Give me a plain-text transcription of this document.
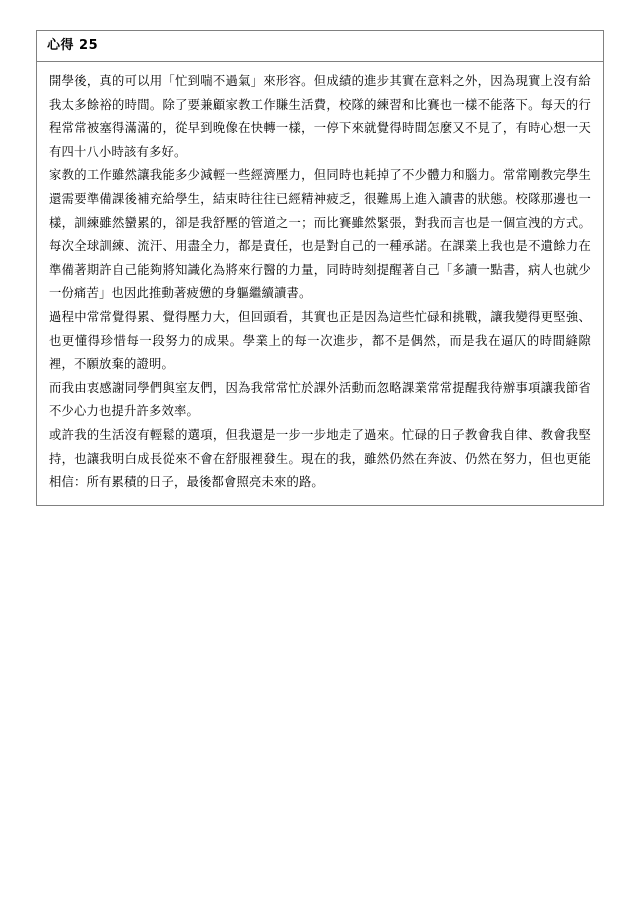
心得 25

開學後，真的可以用「忙到喘不過氣」來形容。但成績的進步其實在意料之外，因為現實上沒有給我太多餘裕的時間。除了要兼顧家教工作賺生活費，校隊的練習和比賽也一樣不能落下。每天的行程常常被塞得滿滿的，從早到晚像在快轉一樣，一停下來就覺得時間怎麼又不見了，有時心想一天有四十八小時該有多好。

家教的工作雖然讓我能多少減輕一些經濟壓力，但同時也耗掉了不少體力和腦力。常常剛教完學生還需要準備課後補充給學生，結束時往往已經精神疲乏，很難馬上進入讀書的狀態。校隊那邊也一樣，訓練雖然蠻累的，卻是我舒壓的管道之一；而比賽雖然緊張，對我而言也是一個宣洩的方式。每次全球訓練、流汗、用盡全力，都是責任，也是對自己的一種承諾。在課業上我也是不遺餘力在準備著期許自己能夠將知識化為將來行醫的力量，同時時刻提醒著自己「多讀一點書，病人也就少一份痛苦」也因此推動著疲憊的身軀繼續讀書。

過程中常常覺得累、覺得壓力大，但回頭看，其實也正是因為這些忙碌和挑戰，讓我變得更堅強、也更懂得珍惜每一段努力的成果。學業上的每一次進步，都不是偶然，而是我在逼仄的時間縫隙裡，不願放棄的證明。

而我由衷感謝同學們與室友們，因為我常常忙於課外活動而忽略課業常常提醒我待辦事項讓我節省不少心力也提升許多效率。

或許我的生活沒有輕鬆的選項，但我還是一步一步地走了過來。忙碌的日子教會我自律、教會我堅持，也讓我明白成長從來不會在舒服裡發生。現在的我，雖然仍然在奔波、仍然在努力，但也更能相信：所有累積的日子，最後都會照亮未來的路。
